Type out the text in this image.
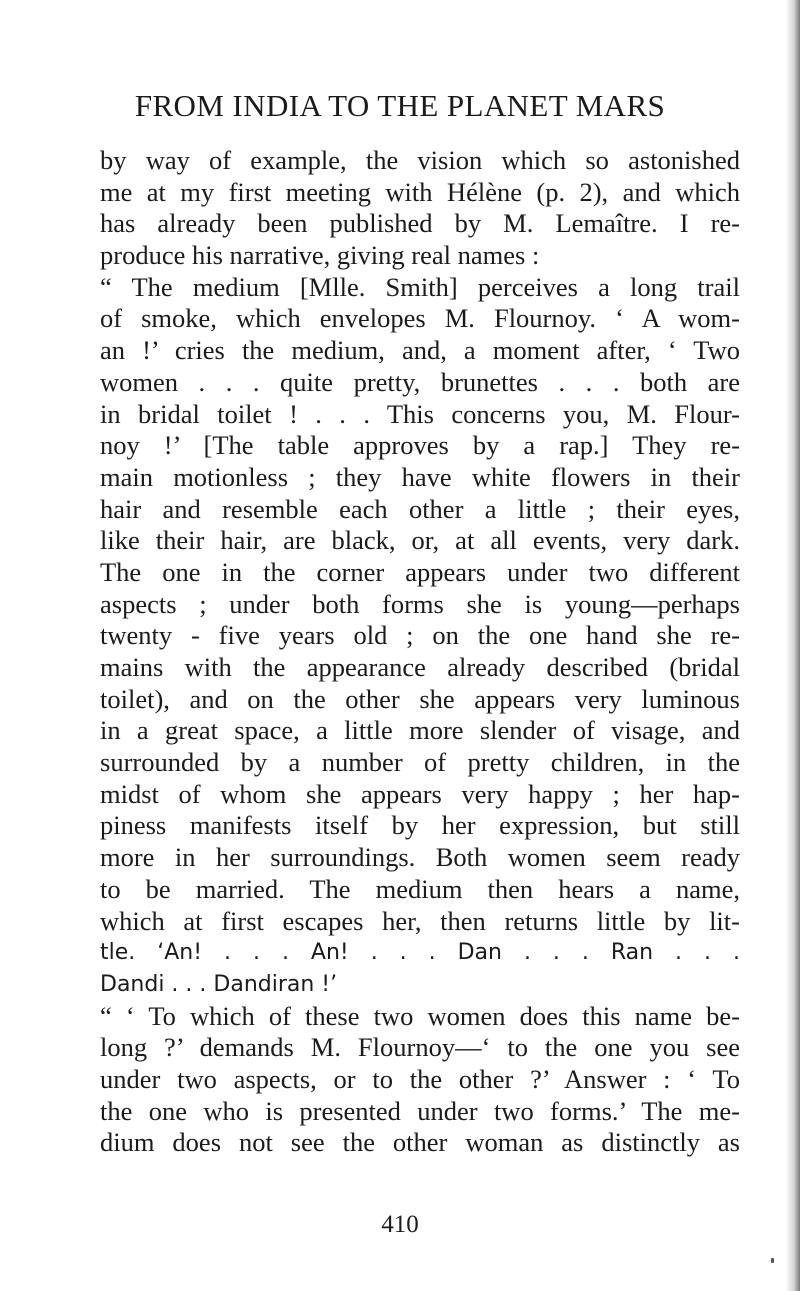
FROM INDIA TO THE PLANET MARS
by way of example, the vision which so astonished
me at my first meeting with Hélène (p. 2), and which
has already been published by M. Lemaître. I re-
produce his narrative, giving real names :
“ The medium [Mlle. Smith] perceives a long trail
of smoke, which envelopes M. Flournoy. ‘ A wom-
an !’ cries the medium, and, a moment after, ‘ Two
women . . . quite pretty, brunettes . . . both are
in bridal toilet ! . . . This concerns you, M. Flour-
noy !’ [The table approves by a rap.] They re-
main motionless ; they have white flowers in their
hair and resemble each other a little ; their eyes,
like their hair, are black, or, at all events, very dark.
The one in the corner appears under two different
aspects ; under both forms she is young—perhaps
twenty - five years old ; on the one hand she re-
mains with the appearance already described (bridal
toilet), and on the other she appears very luminous
in a great space, a little more slender of visage, and
surrounded by a number of pretty children, in the
midst of whom she appears very happy ; her hap-
piness manifests itself by her expression, but still
more in her surroundings. Both women seem ready
to be married. The medium then hears a name,
which at first escapes her, then returns little by lit-
tle. ‘An! . . . An! . . . Dan . . . Ran . . .
Dandi . . . Dandiran !’
“ ‘ To which of these two women does this name be-
long ?’ demands M. Flournoy—‘ to the one you see
under two aspects, or to the other ?’ Answer : ‘ To
the one who is presented under two forms.’ The me-
dium does not see the other woman as distinctly as

410
